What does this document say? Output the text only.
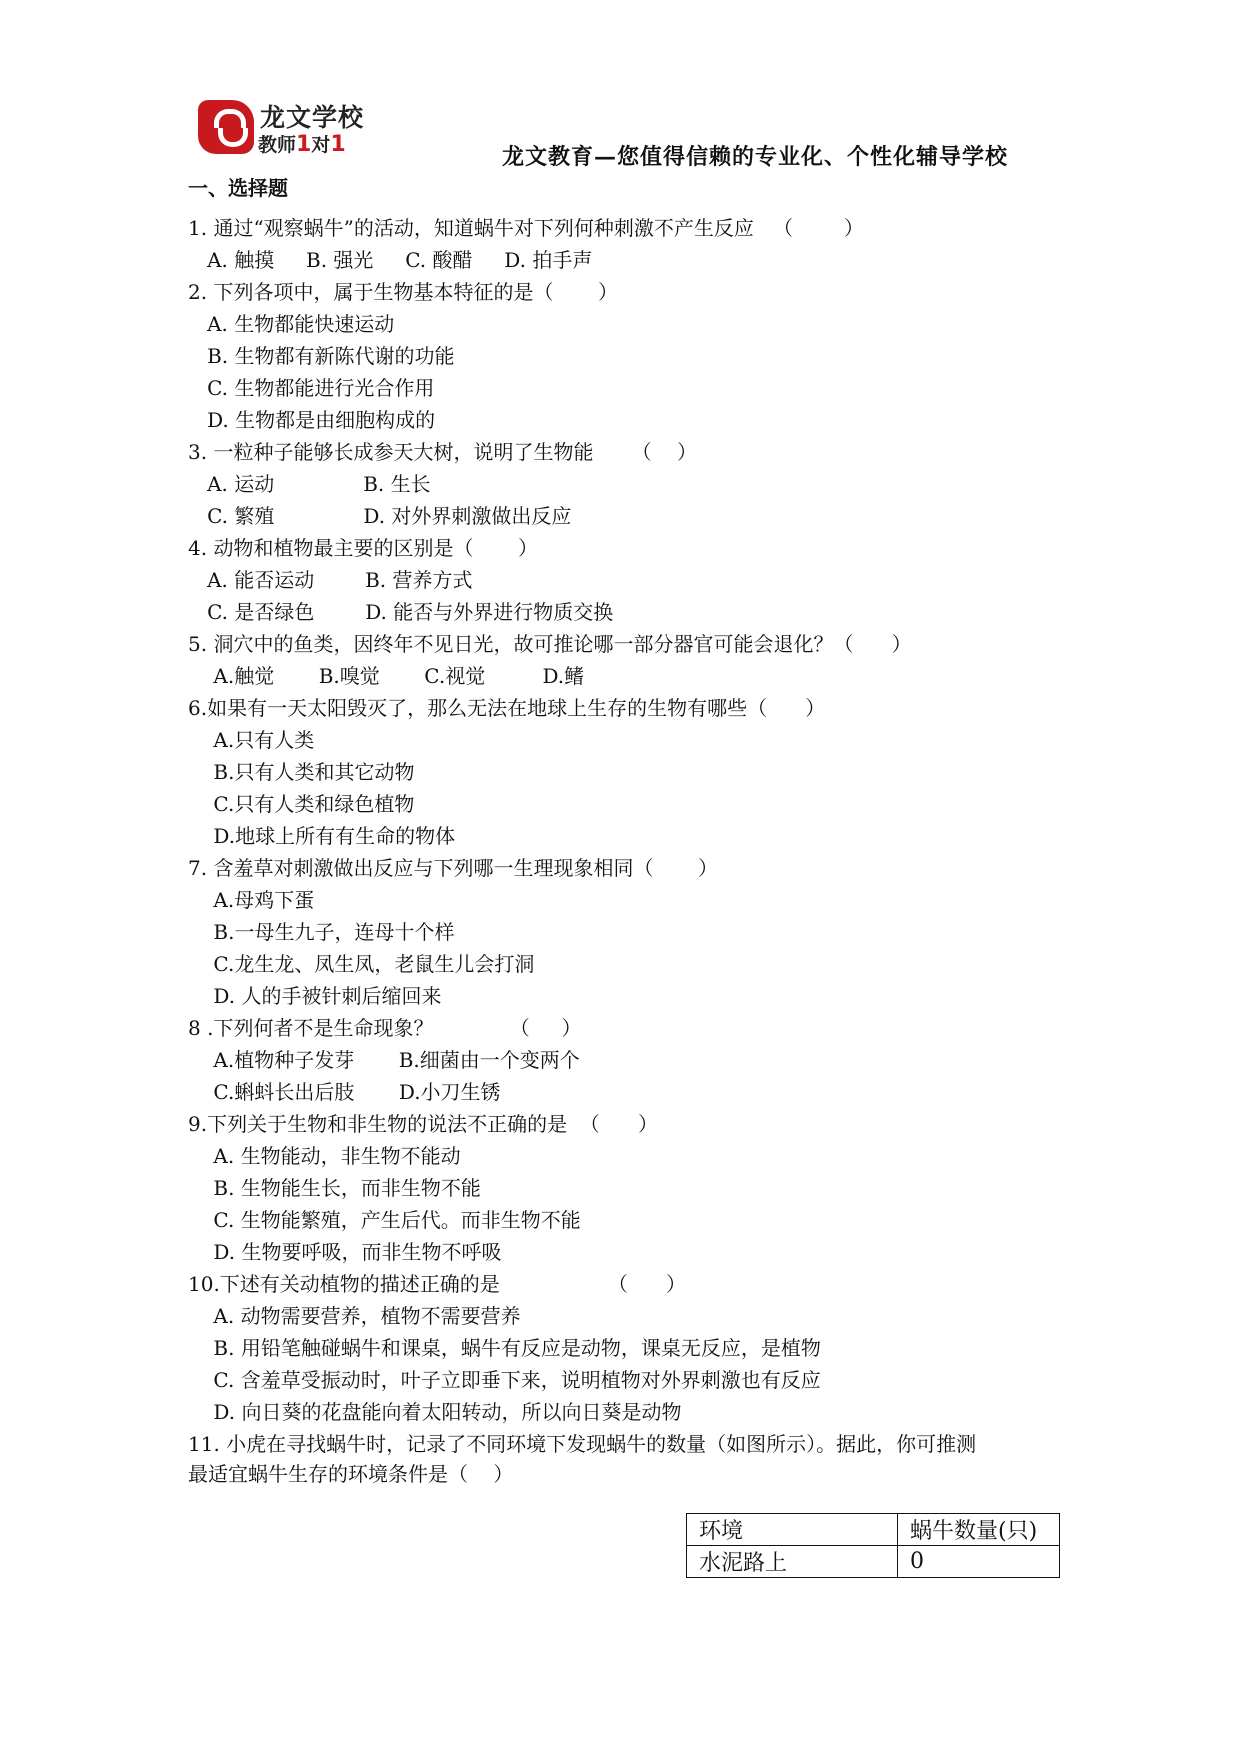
龙文学校
教师1对1	龙文教育—您值得信赖的专业化、个性化辅导学校
一、选择题
1. 通过“观察蜗牛”的活动，知道蜗牛对下列何种刺激不产生反应   （        ）
A. 触摸     B. 强光     C. 酸醋     D. 拍手声
2. 下列各项中，属于生物基本特征的是（       ）
A. 生物都能快速运动
B. 生物都有新陈代谢的功能
C. 生物都能进行光合作用
D. 生物都是由细胞构成的
3. 一粒种子能够长成参天大树，说明了生物能      （    ）
A. 运动              B. 生长
C. 繁殖              D. 对外界刺激做出反应
4. 动物和植物最主要的区别是（       ）
A. 能否运动        B. 营养方式
C. 是否绿色        D. 能否与外界进行物质交换
5. 洞穴中的鱼类，因终年不见日光，故可推论哪一部分器官可能会退化？（      ）
A.触觉       B.嗅觉       C.视觉         D.鳍
6.如果有一天太阳毁灭了，那么无法在地球上生存的生物有哪些（      ）
A.只有人类
B.只有人类和其它动物
C.只有人类和绿色植物
D.地球上所有有生命的物体
7. 含羞草对刺激做出反应与下列哪一生理现象相同（       ）
A.母鸡下蛋
B.一母生九子，连母十个样
C.龙生龙、凤生凤，老鼠生儿会打洞
D. 人的手被针刺后缩回来
8 .下列何者不是生命现象？            （     ）
A.植物种子发芽       B.细菌由一个变两个
C.蝌蚪长出后肢       D.小刀生锈
9.下列关于生物和非生物的说法不正确的是  （      ）
A. 生物能动，非生物不能动
B. 生物能生长，而非生物不能
C. 生物能繁殖，产生后代。而非生物不能
D. 生物要呼吸，而非生物不呼吸
10.下述有关动植物的描述正确的是                 （      ）
A. 动物需要营养，植物不需要营养
B. 用铅笔触碰蜗牛和课桌，蜗牛有反应是动物，课桌无反应，是植物
C. 含羞草受振动时，叶子立即垂下来，说明植物对外界刺激也有反应
D. 向日葵的花盘能向着太阳转动，所以向日葵是动物
11. 小虎在寻找蜗牛时，记录了不同环境下发现蜗牛的数量（如图所示）。据此，你可推测
最适宜蜗牛生存的环境条件是（    ）
环境	蜗牛数量(只)
水泥路上	0
